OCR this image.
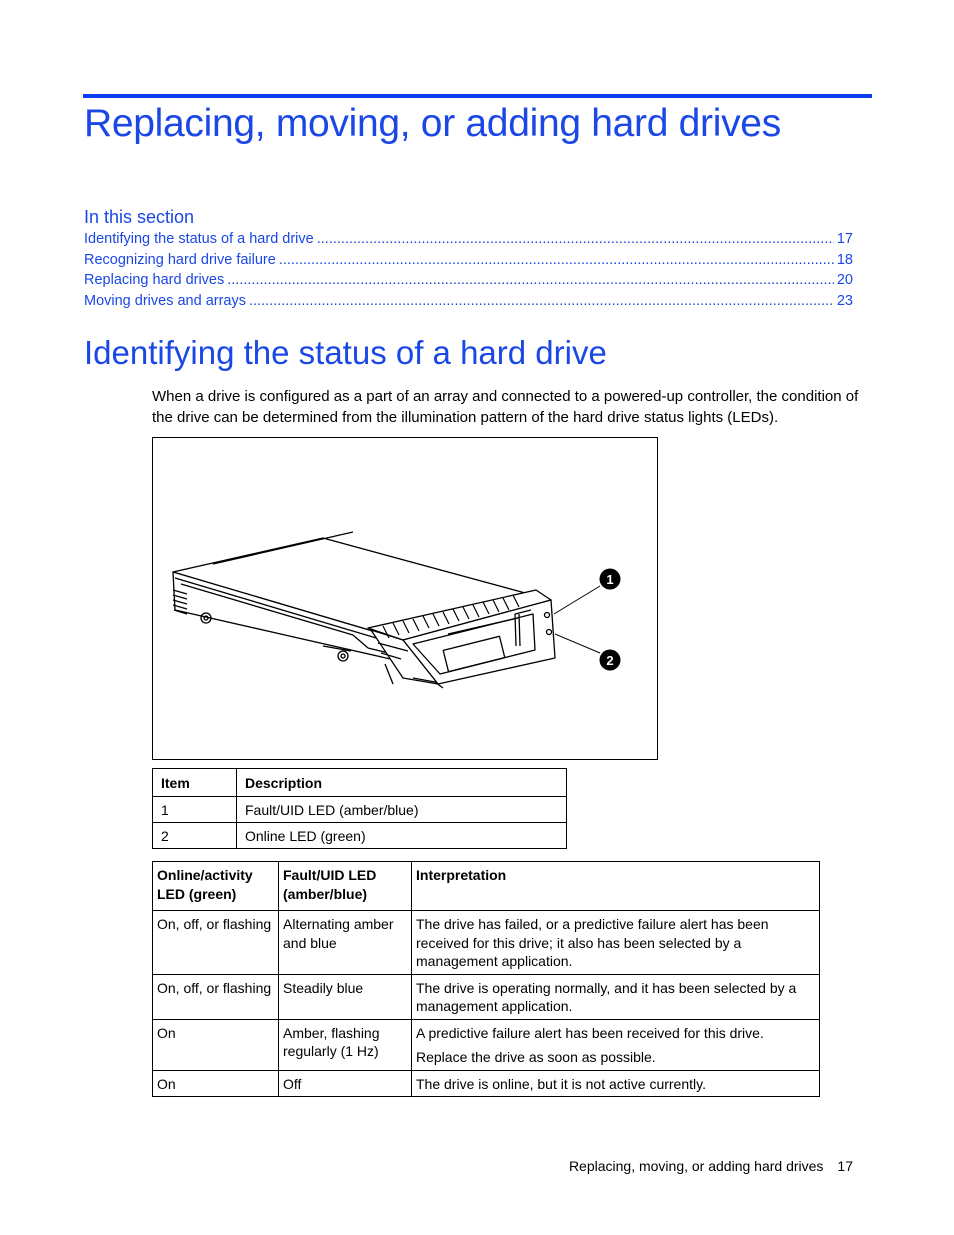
Replacing, moving, or adding hard drives
In this section
Identifying the status of a hard drive .....	17
Recognizing hard drive failure .....	18
Replacing hard drives .....	20
Moving drives and arrays .....	23
Identifying the status of a hard drive

When a drive is configured as a part of an array and connected to a powered-up controller, the condition of the drive can be determined from the illumination pattern of the hard drive status lights (LEDs).

1
2
Item	Description
1	Fault/UID LED (amber/blue)
2	Online LED (green)
Online/activity LED (green)	Fault/UID LED (amber/blue)	Interpretation
On, off, or flashing	Alternating amber and blue	The drive has failed, or a predictive failure alert has been received for this drive; it also has been selected by a management application.

On, off, or flashing	Steadily blue	The drive is operating normally, and it has been selected by a management application.

On	Amber, flashing regularly (1 Hz)	A predictive failure alert has been received for this drive.

Replace the drive as soon as possible.

On	Off	The drive is online, but it is not active currently.

Replacing, moving, or adding hard drives 17
